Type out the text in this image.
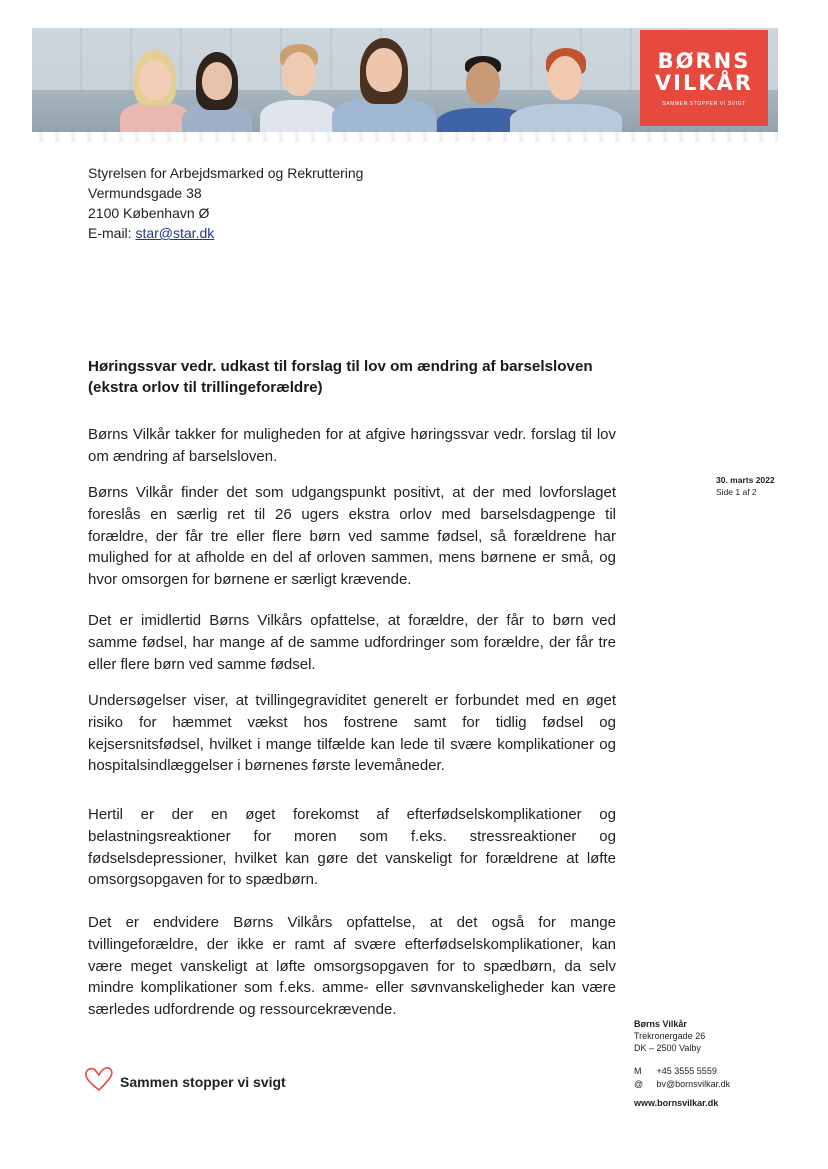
BØRNS
VILKÅR
SAMMEN STOPPER VI SVIGT
Styrelsen for Arbejdsmarked og Rekruttering
Vermundsgade 38
2100 København Ø
E-mail: star@star.dk
Høringssvar vedr. udkast til forslag til lov om ændring af barselsloven (ekstra orlov til trillingeforældre)

Børns Vilkår takker for muligheden for at afgive høringssvar vedr. forslag til lov om ændring af barselsloven.

Børns Vilkår finder det som udgangspunkt positivt, at der med lovforslaget foreslås en særlig ret til 26 ugers ekstra orlov med barselsdagpenge til forældre, der får tre eller flere børn ved samme fødsel, så forældrene har mulighed for at afholde en del af orloven sammen, mens børnene er små, og hvor omsorgen for børnene er særligt krævende.

Det er imidlertid Børns Vilkårs opfattelse, at forældre, der får to børn ved samme fødsel, har mange af de samme udfordringer som forældre, der får tre eller flere børn ved samme fødsel.

Undersøgelser viser, at tvillingegraviditet generelt er forbundet med en øget risiko for hæmmet vækst hos fostrene samt for tidlig fødsel og kejsersnitsfødsel, hvilket i mange tilfælde kan lede til svære komplikationer og hospitalsindlæggelser i børnenes første levemåneder.

Hertil er der en øget forekomst af efterfødselskomplikationer og belastningsreaktioner for moren som f.eks. stressreaktioner og fødselsdepressioner, hvilket kan gøre det vanskeligt for forældrene at løfte omsorgsopgaven for to spædbørn.

Det er endvidere Børns Vilkårs opfattelse, at det også for mange tvillingeforældre, der ikke er ramt af svære efterfødselskomplikationer, kan være meget vanskeligt at løfte omsorgsopgaven for to spædbørn, da selv mindre komplikationer som f.eks. amme- eller søvnvanskeligheder kan være særledes udfordrende og ressourcekrævende.

30. marts 2022
Side 1 af 2
Børns Vilkår
Trekronergade 26
DK – 2500 Valby
M +45 3555 5559
@ bv@bornsvilkar.dk
www.bornsvilkar.dk
Sammen stopper vi svigt
